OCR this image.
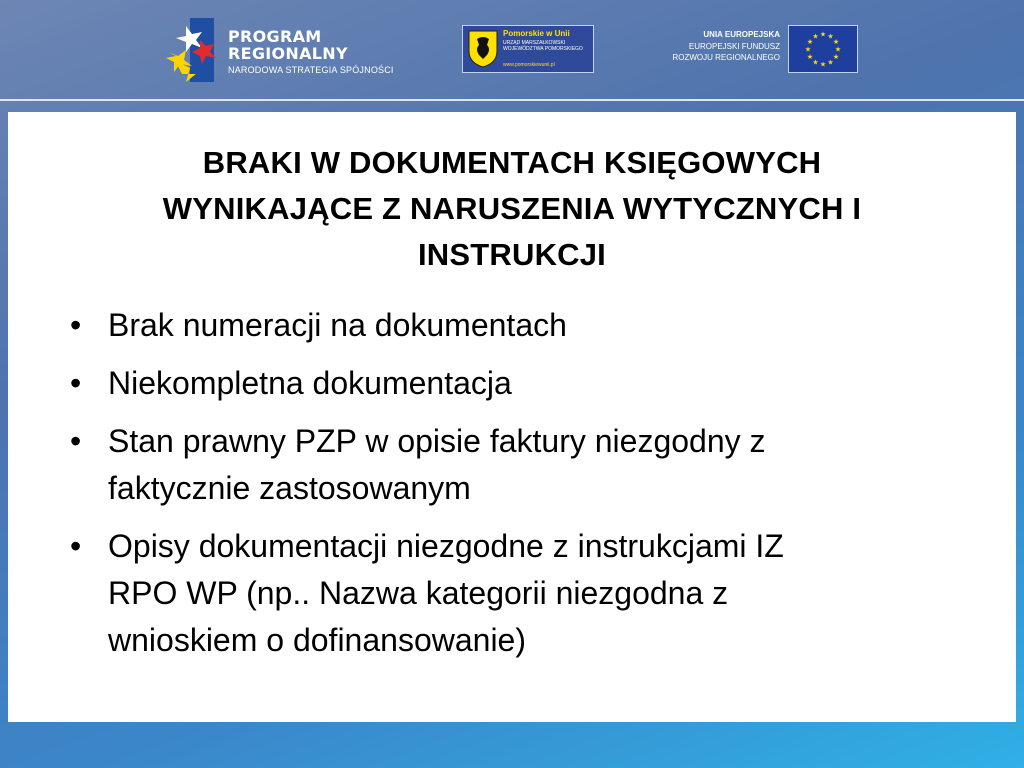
PROGRAM
REGIONALNY
NARODOWA STRATEGIA SPÓJNOŚCI
Pomorskie w Unii
URZĄD MARSZAŁKOWSKI
WOJEWÓDZTWA POMORSKIEGO
www.pomorskiewunii.pl
UNIA EUROPEJSKA
EUROPEJSKI FUNDUSZ
ROZWOJU REGIONALNEGO
★
★
★
★
★
★
★
★
★ ★ ★
★
BRAKI W DOKUMENTACH KSIĘGOWYCH
WYNIKAJĄCE Z NARUSZENIA WYTYCZNYCH I
INSTRUKCJI
• Brak numeracji na dokumentach
• Niekompletna dokumentacja
• Stan prawny PZP w opisie faktury niezgodny z
faktycznie zastosowanym
• Opisy dokumentacji niezgodne z instrukcjami IZ
RPO WP (np.. Nazwa kategorii niezgodna z
wnioskiem o dofinansowanie)
